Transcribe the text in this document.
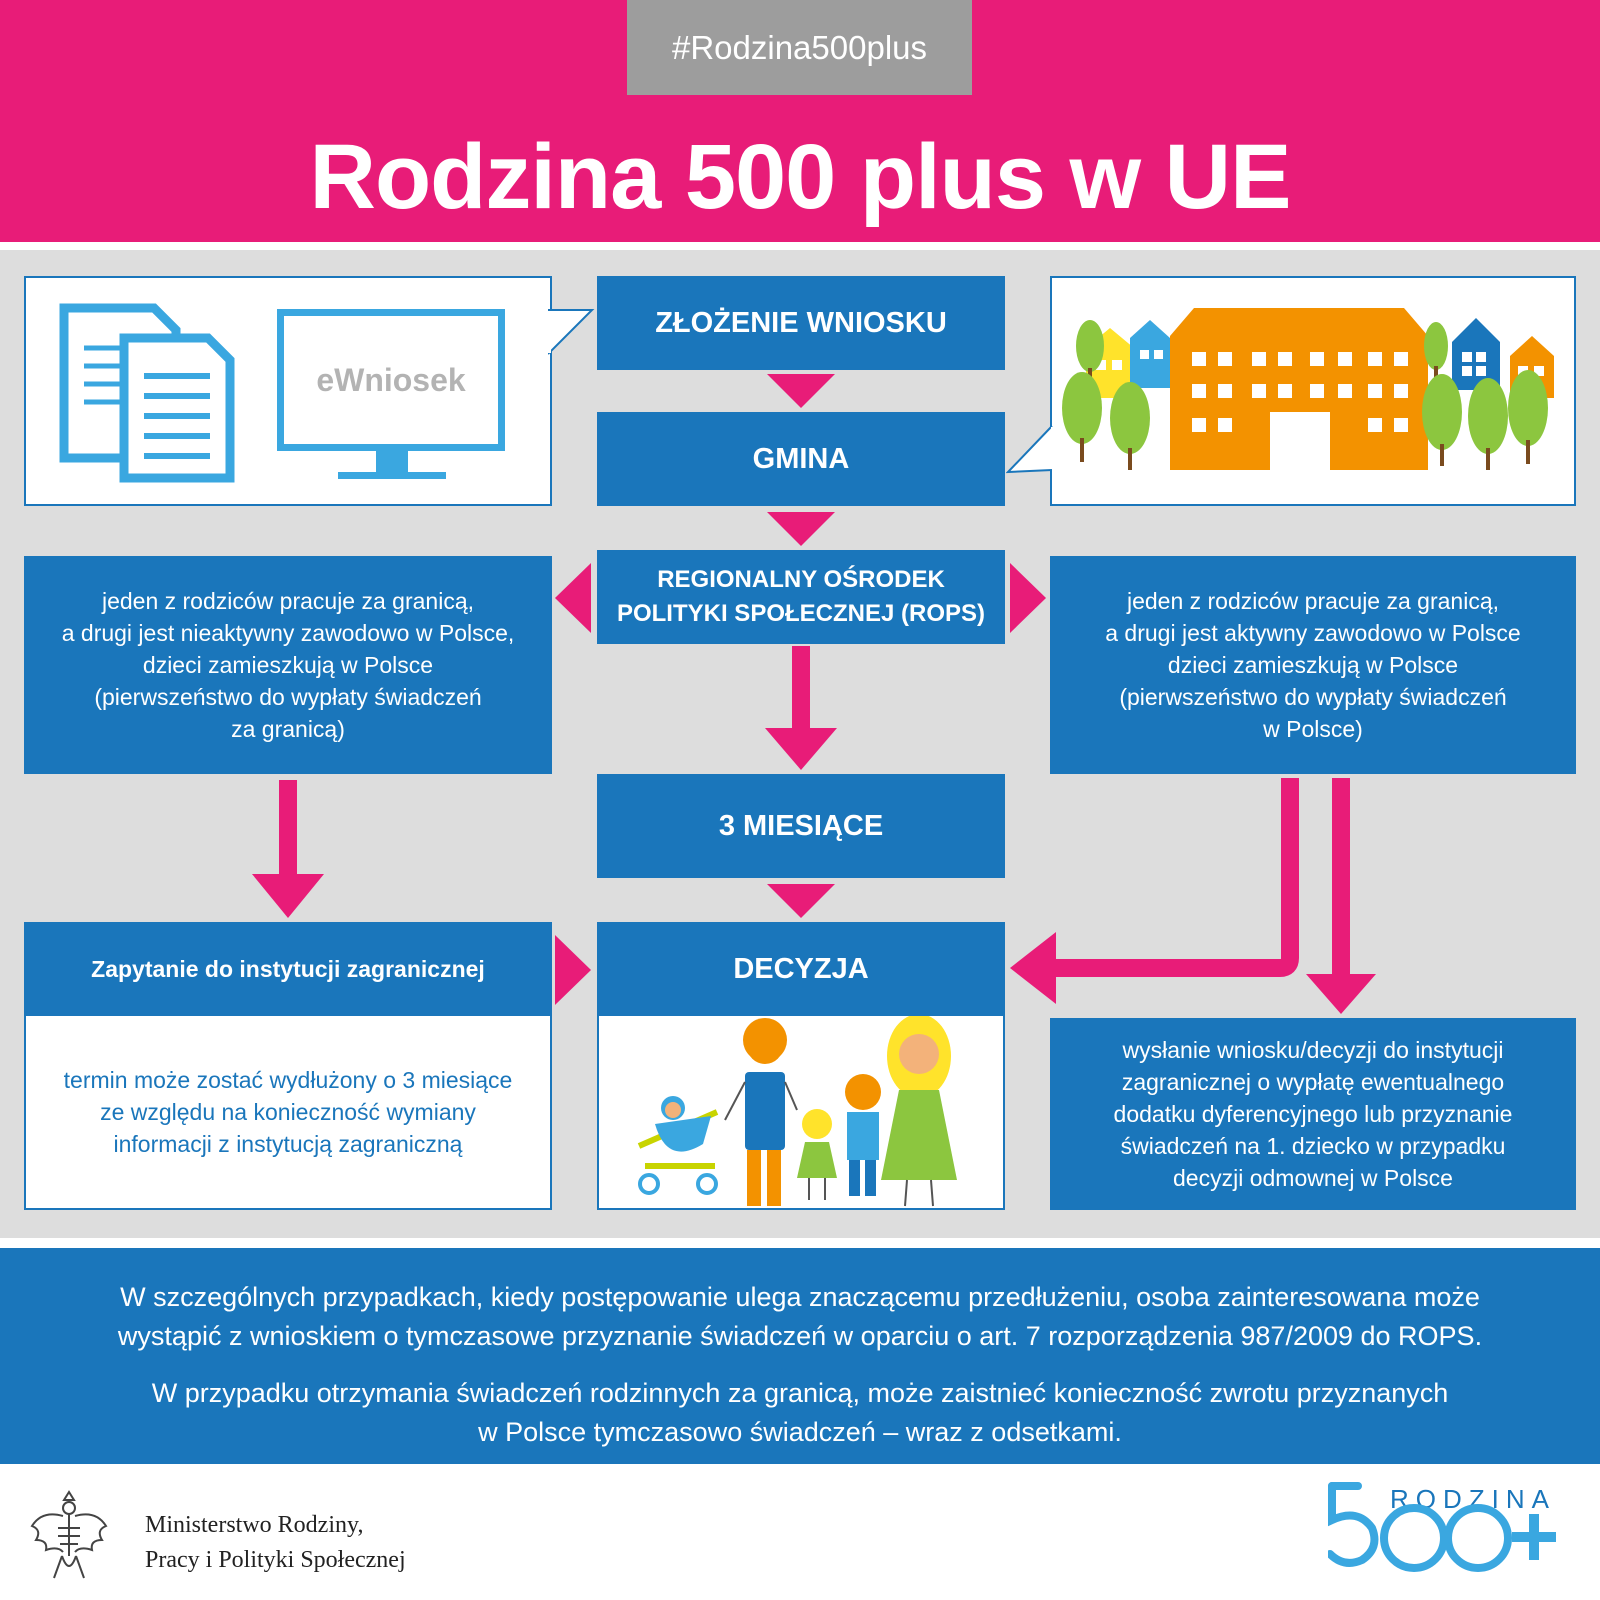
#Rodzina500plus
Rodzina 500 plus w UE
eWniosek
ZŁOŻENIE WNIOSKU
GMINA
REGIONALNY OŚRODEK
POLITYKI SPOŁECZNEJ (ROPS)
3 MIESIĄCE
DECYZJA
jeden z rodziców pracuje za granicą,
a drugi jest nieaktywny zawodowo w Polsce,
dzieci zamieszkują w Polsce
(pierwszeństwo do wypłaty świadczeń
za granicą)
Zapytanie do instytucji zagranicznej
termin może zostać wydłużony o 3 miesiące
ze względu na konieczność wymiany
informacji z instytucją zagraniczną
jeden z rodziców pracuje za granicą,
a drugi jest aktywny zawodowo w Polsce
dzieci zamieszkują w Polsce
(pierwszeństwo do wypłaty świadczeń
w Polsce)
wysłanie wniosku/decyzji do instytucji
zagranicznej o wypłatę ewentualnego
dodatku dyferencyjnego lub przyznanie
świadczeń na 1. dziecko w przypadku
decyzji odmownej w Polsce

W szczególnych przypadkach, kiedy postępowanie ulega znaczącemu przedłużeniu, osoba zainteresowana może

wystąpić z wnioskiem o tymczasowe przyznanie świadczeń w oparciu o art. 7 rozporządzenia 987/2009 do ROPS.

W przypadku otrzymania świadczeń rodzinnych za granicą, może zaistnieć konieczność zwrotu przyznanych

w Polsce tymczasowo świadczeń – wraz z odsetkami.

Ministerstwo Rodziny,
Pracy i Polityki Społecznej
RODZINA
